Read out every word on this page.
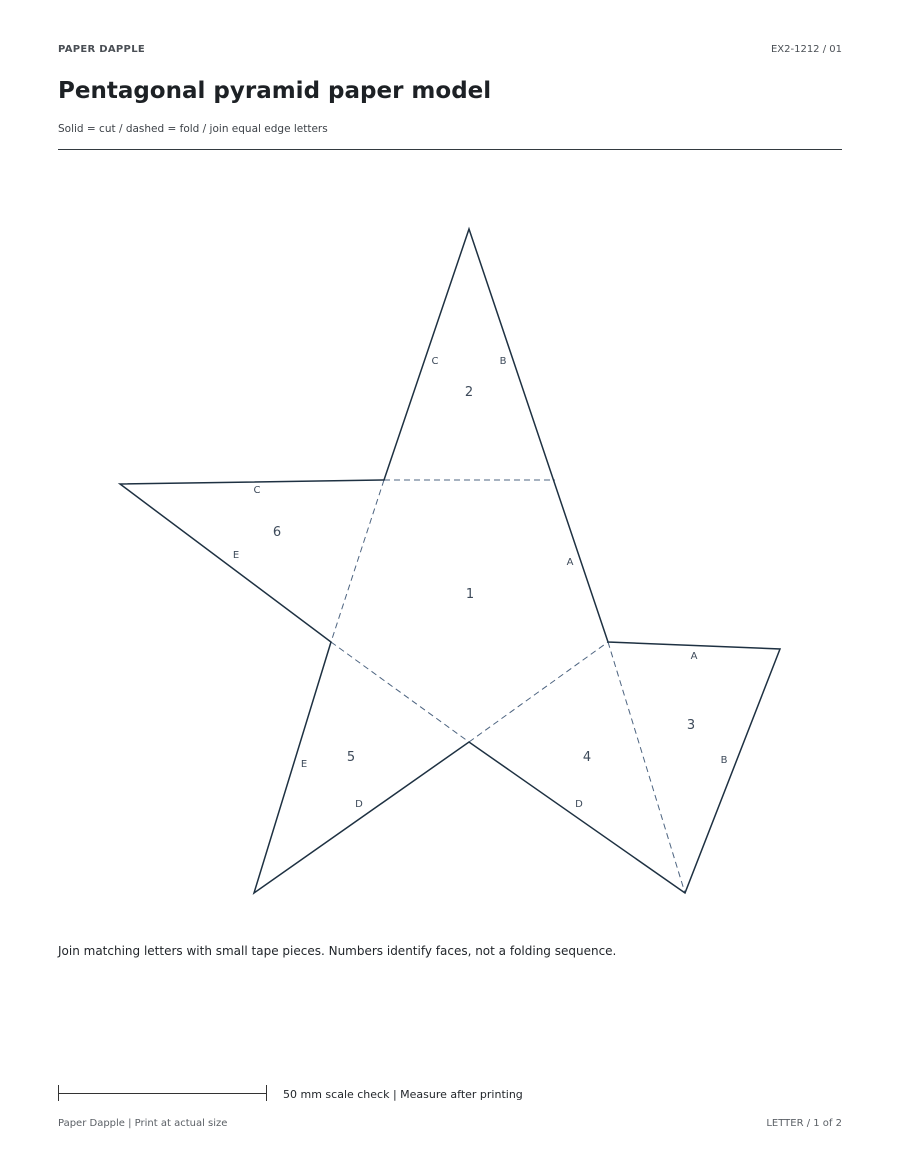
PAPER DAPPLE	EX2-1212 / 01
Pentagonal pyramid paper model
Solid = cut / dashed = fold / join equal edge letters
1
2
3
4
5
6
C	B
C
E
A
A
B
E
D	D
Join matching letters with small tape pieces. Numbers identify faces, not a folding sequence.
50 mm scale check | Measure after printing
Paper Dapple | Print at actual size	LETTER / 1 of 2
